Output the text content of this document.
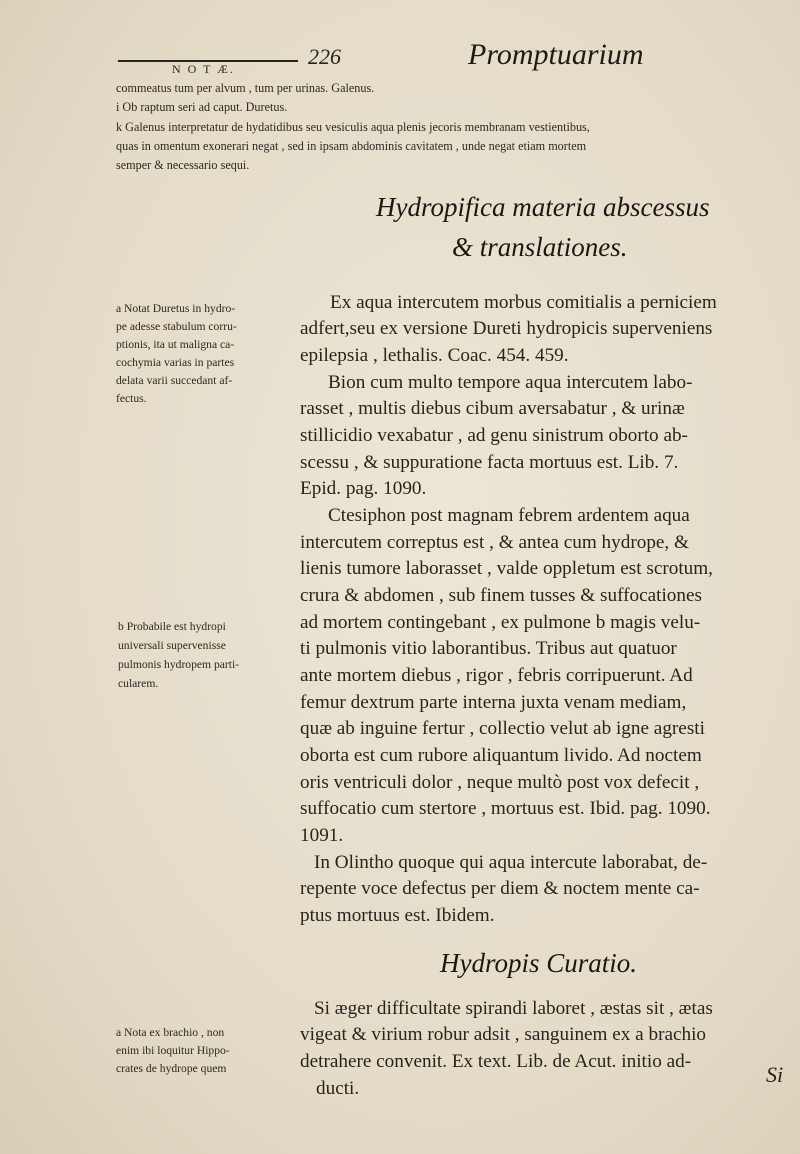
N O T Æ.	226	Promptuarium
commeatus tum per alvum , tum per urinas. Galenus.
i Ob raptum seri ad caput. Duretus.
k Galenus interpretatur de hydatidibus seu vesiculis aqua plenis jecoris membranam vestientibus,
quas in omentum exonerari negat , sed in ipsam abdominis cavitatem , unde negat etiam mortem
semper & necessario sequi.
Hydropifica materia abscessus
& translationes.
a Notat Duretus in hydro-
pe adesse stabulum corru-
ptionis, ita ut maligna ca-
cochymia varias in partes
delata varii succedant af-
fectus.
Ex aqua intercutem morbus comitialis a perniciem
adfert,seu ex versione Dureti hydropicis superveniens
epilepsia , lethalis. Coac. 454. 459.
Bion cum multo tempore aqua intercutem labo-
rasset , multis diebus cibum aversabatur , & urinæ
stillicidio vexabatur , ad genu sinistrum oborto ab-
scessu , & suppuratione facta mortuus est. Lib. 7.
Epid. pag. 1090.
Ctesiphon post magnam febrem ardentem aqua
intercutem correptus est , & antea cum hydrope, &
lienis tumore laborasset , valde oppletum est scrotum,
crura & abdomen , sub finem tusses & suffocationes
ad mortem contingebant , ex pulmone b magis velu-
ti pulmonis vitio laborantibus. Tribus aut quatuor
ante mortem diebus , rigor , febris corripuerunt. Ad
femur dextrum parte interna juxta venam mediam,
quæ ab inguine fertur , collectio velut ab igne agresti
oborta est cum rubore aliquantum livido. Ad noctem
oris ventriculi dolor , neque multò post vox defecit ,
suffocatio cum stertore , mortuus est. Ibid. pag. 1090.
1091.
In Olintho quoque qui aqua intercute laborabat, de-
repente voce defectus per diem & noctem mente ca-
ptus mortuus est. Ibidem.
b Probabile est hydropi
universali supervenisse
pulmonis hydropem parti-
cularem.
Hydropis Curatio.
Si æger difficultate spirandi laboret , æstas sit , ætas
vigeat & virium robur adsit , sanguinem ex a brachio
detrahere convenit. Ex text. Lib. de Acut. initio ad-
ducti.
a Nota ex brachio , non
enim ibi loquitur Hippo-
crates de hydrope quem	Si
